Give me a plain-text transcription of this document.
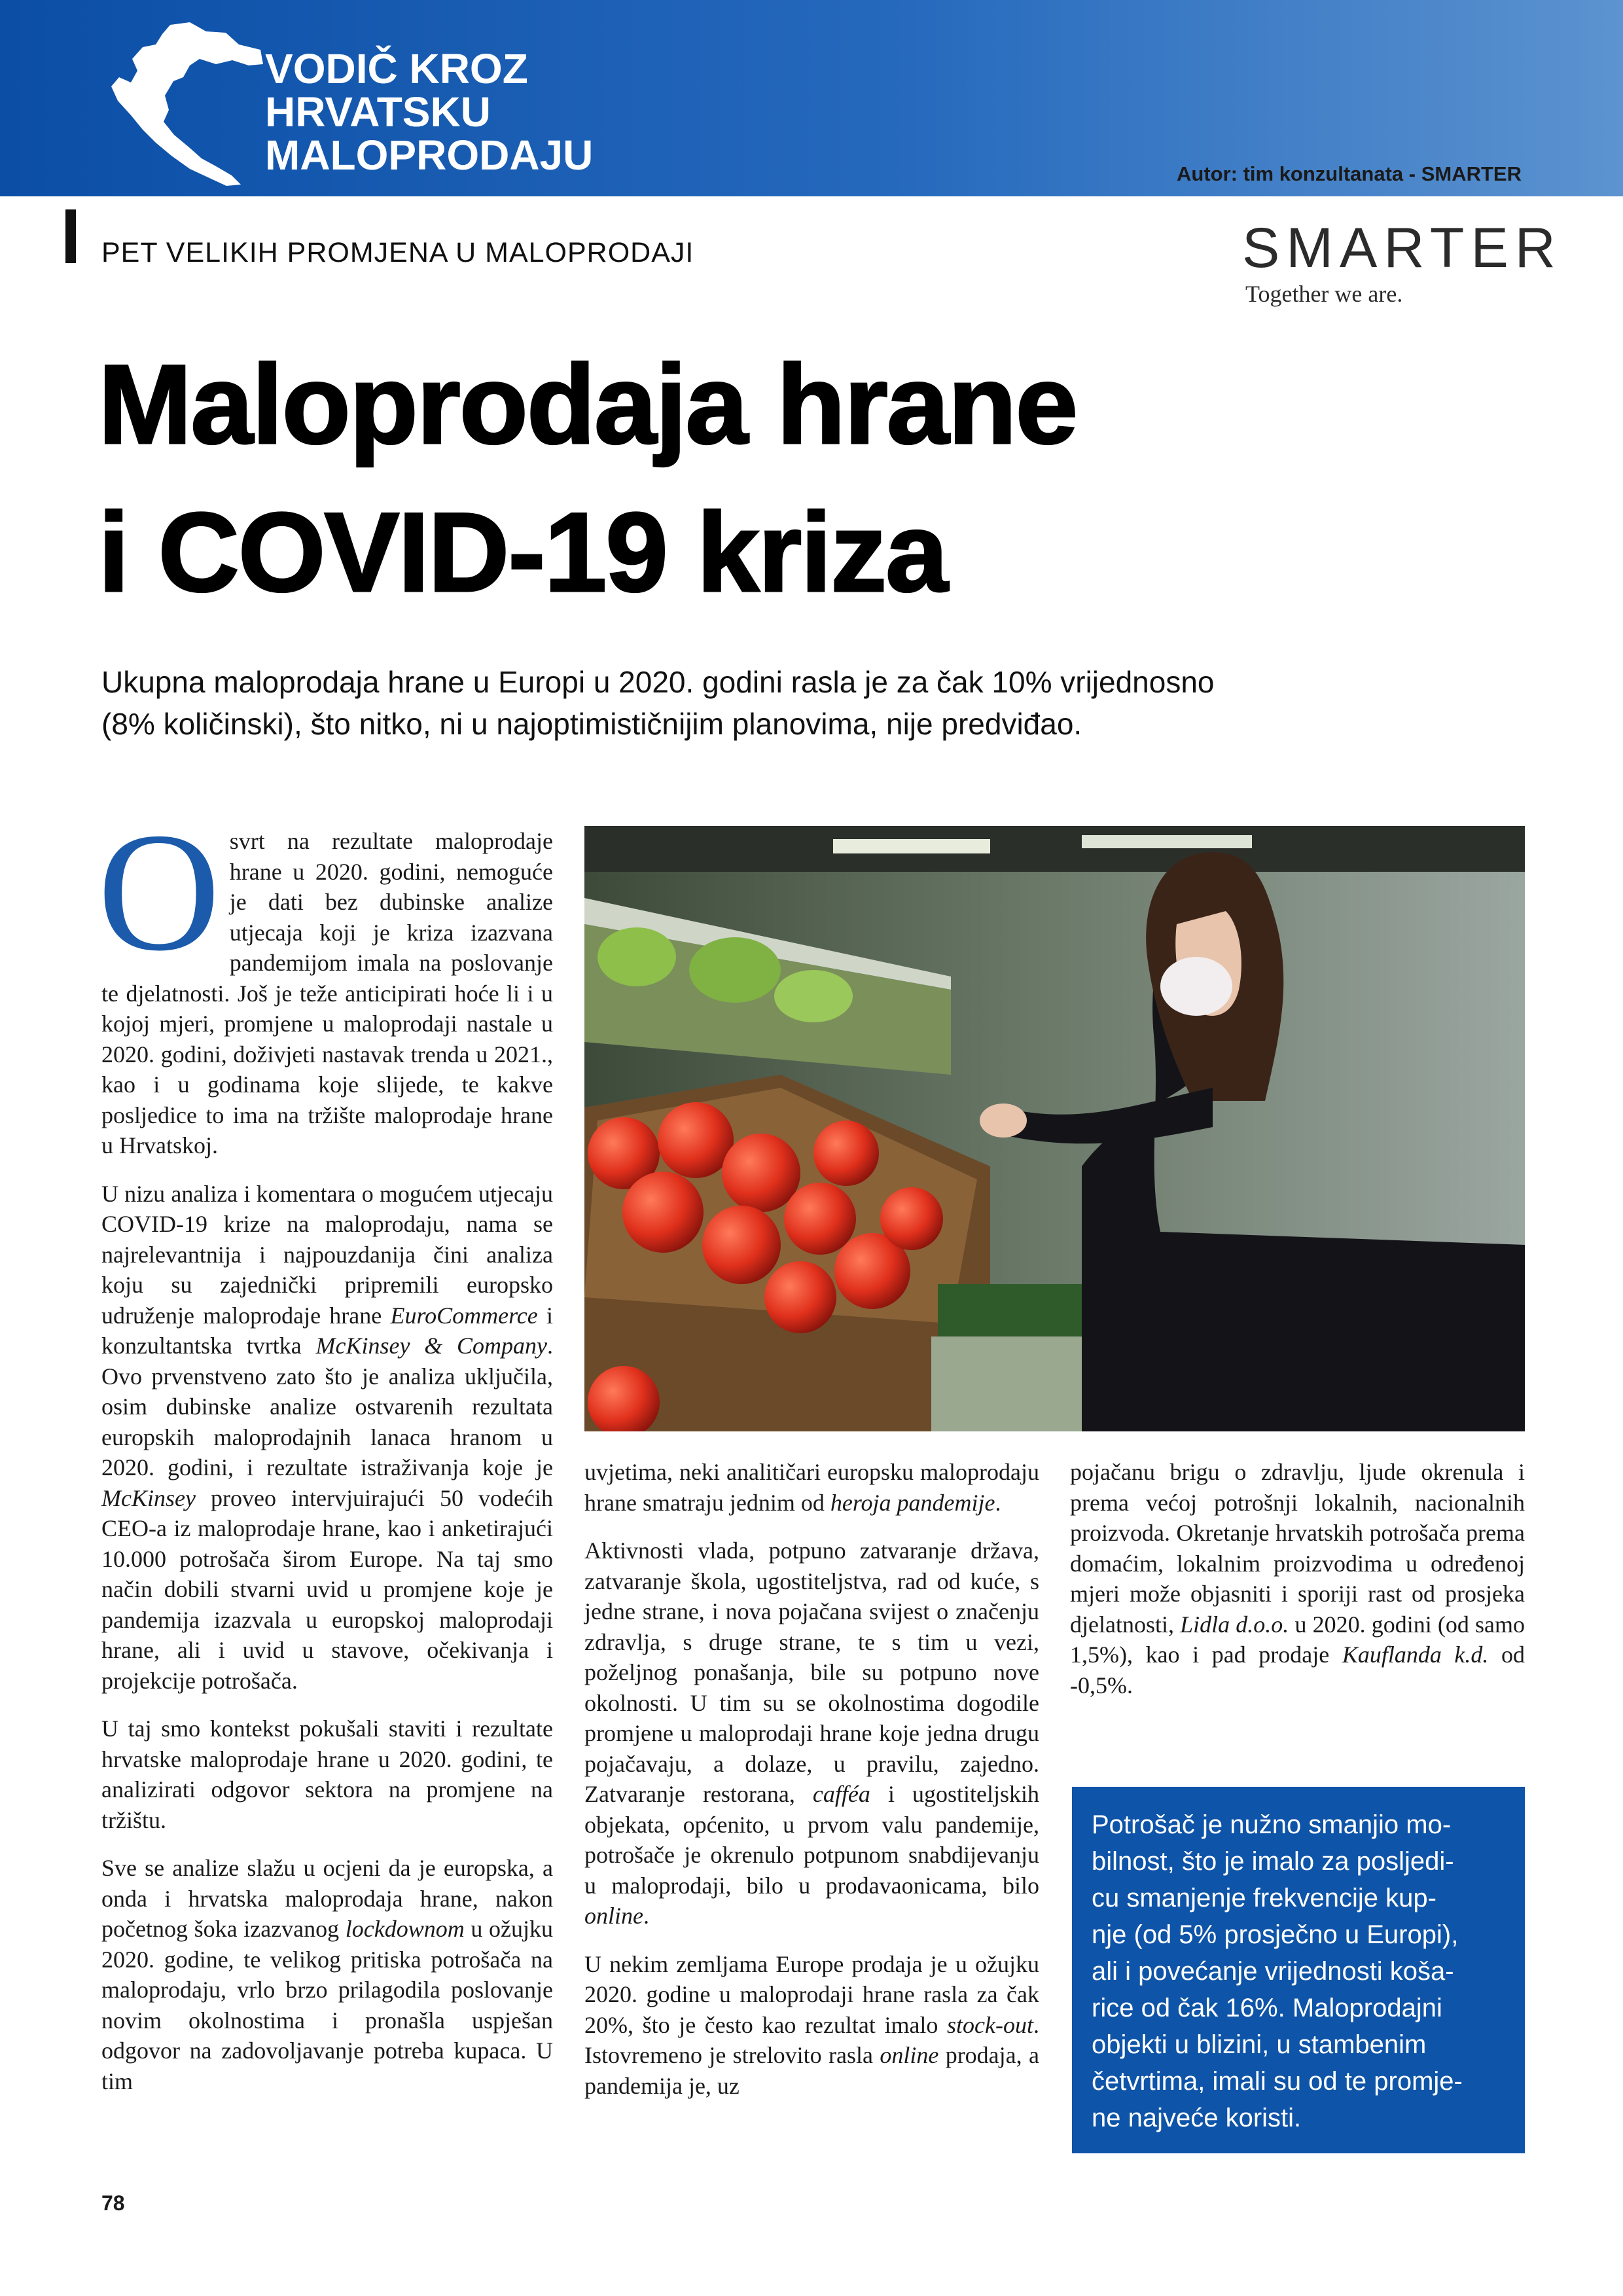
VODIČ KROZ
HRVATSKU
MALOPRODAJU	Autor: tim konzultanata - SMARTER
PET VELIKIH PROMJENA U MALOPRODAJI	SMARTER
Together we are.
Maloprodaja hrane
i COVID-19 kriza
Ukupna maloprodaja hrane u Europi u 2020. godini rasla je za čak 10% vrijednosno
(8% količinski), što nitko, ni u najoptimističnijim planovima, nije predviđao.

Osvrt na rezultate maloprodaje hrane u 2020. godini, nemoguće je dati bez dubinske analize utjecaja koji je kriza izazvana pandemijom imala na poslovanje te djelatnosti. Još je teže anticipirati hoće li i u kojoj mjeri, promjene u maloprodaji nastale u 2020. godini, doživjeti nastavak trenda u 2021., kao i u godinama koje slijede, te kakve posljedice to ima na tržište maloprodaje hrane u Hrvatskoj.

U nizu analiza i komentara o mogućem utjecaju COVID-19 krize na maloprodaju, nama se najrelevantnija i najpouzdanija čini analiza koju su zajednički pripremili europsko udruženje maloprodaje hrane EuroCommerce i konzultantska tvrtka McKinsey & Company. Ovo prvenstveno zato što je analiza uključila, osim dubinske analize ostvarenih rezultata europskih maloprodajnih lanaca hranom u 2020. godini, i rezultate istraživanja koje je McKinsey proveo intervjuirajući 50 vodećih CEO-a iz maloprodaje hrane, kao i anketirajući 10.000 potrošača širom Europe. Na taj smo način dobili stvarni uvid u promjene koje je pandemija izazvala u europskoj maloprodaji hrane, ali i uvid u stavove, očekivanja i projekcije potrošača.

U taj smo kontekst pokušali staviti i rezultate hrvatske maloprodaje hrane u 2020. godini, te analizirati odgovor sektora na promjene na tržištu.

Sve se analize slažu u ocjeni da je europska, a onda i hrvatska maloprodaja hrane, nakon početnog šoka izazvanog lockdownom u ožujku 2020. godine, te velikog pritiska potrošača na maloprodaju, vrlo brzo prilagodila poslovanje novim okolnostima i pronašla uspješan odgovor na zadovoljavanje potreba kupaca. U tim

uvjetima, neki analitičari europsku maloprodaju hrane smatraju jednim od heroja pandemije.

Aktivnosti vlada, potpuno zatvaranje država, zatvaranje škola, ugostiteljstva, rad od kuće, s jedne strane, i nova pojačana svijest o značenju zdravlja, s druge strane, te s tim u vezi, poželjnog ponašanja, bile su potpuno nove okolnosti. U tim su se okolnostima dogodile promjene u maloprodaji hrane koje jedna drugu pojačavaju, a dolaze, u pravilu, zajedno. Zatvaranje restorana, cafféa i ugostiteljskih objekata, općenito, u prvom valu pandemije, potrošače je okrenulo potpunom snabdijevanju u maloprodaji, bilo u prodavaonicama, bilo online.

U nekim zemljama Europe prodaja je u ožujku 2020. godine u maloprodaji hrane rasla za čak 20%, što je često kao rezultat imalo stock-out. Istovremeno je strelovito rasla online prodaja, a pandemija je, uz

pojačanu brigu o zdravlju, ljude okrenula i prema većoj potrošnji lokalnih, nacionalnih proizvoda. Okretanje hrvatskih potrošača prema domaćim, lokalnim proizvodima u određenoj mjeri može objasniti i sporiji rast od prosjeka djelatnosti, Lidla d.o.o. u 2020. godini (od samo 1,5%), kao i pad prodaje Kauflanda k.d. od -0,5%.

Potrošač je nužno smanjio mo-
bilnost, što je imalo za posljedi-
cu smanjenje frekvencije kup-
nje (od 5% prosječno u Europi),
ali i povećanje vrijednosti koša-
rice od čak 16%. Maloprodajni
objekti u blizini, u stambenim
četvrtima, imali su od te promje-
ne najveće koristi.
78
